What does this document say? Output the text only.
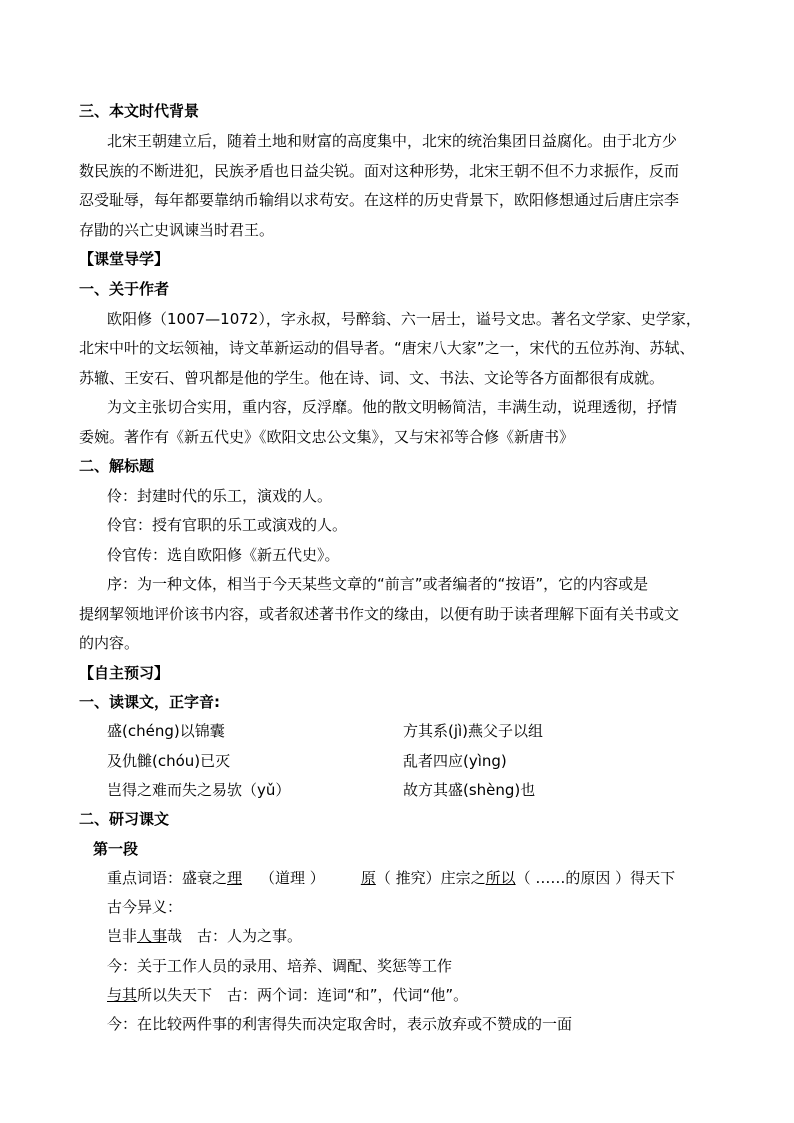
三、本文时代背景
北宋王朝建立后，随着土地和财富的高度集中，北宋的统治集团日益腐化。由于北方少
数民族的不断进犯，民族矛盾也日益尖锐。面对这种形势，北宋王朝不但不力求振作，反而
忍受耻辱，每年都要靠纳币输绢以求苟安。在这样的历史背景下，欧阳修想通过后唐庄宗李
存勖的兴亡史讽谏当时君王。
【课堂导学】
一、关于作者
欧阳修（1007—1072），字永叔，号醉翁、六一居士，谥号文忠。著名文学家、史学家，
北宋中叶的文坛领袖，诗文革新运动的倡导者。“唐宋八大家”之一，宋代的五位苏洵、苏轼、
苏辙、王安石、曾巩都是他的学生。他在诗、词、文、书法、文论等各方面都很有成就。
为文主张切合实用，重内容，反浮靡。他的散文明畅简洁，丰满生动，说理透彻，抒情
委婉。著作有《新五代史》《欧阳文忠公文集》，又与宋祁等合修《新唐书》
二、解标题
伶：封建时代的乐工，演戏的人。
伶官：授有官职的乐工或演戏的人。
伶官传：选自欧阳修《新五代史》。
序：为一种文体，相当于今天某些文章的“前言”或者编者的“按语”，它的内容或是
提纲挈领地评价该书内容，或者叙述著书作文的缘由，以便有助于读者理解下面有关书或文
的内容。
【自主预习】
一、读课文，正字音:
盛(chéng)以锦囊	方其系(jì)燕父子以组
及仇雠(chóu)已灭	乱者四应(yìng)
岂得之难而失之易欤（yǔ）	故方其盛(shèng)也
二、研习课文
第一段
重点词语：盛衰之理 （道理 ） 原（ 推究）庄宗之所以（ ……的原因 ）得天下
古今异义：
岂非人事哉　古：人为之事。
今：关于工作人员的录用、培养、调配、奖惩等工作
与其所以失天下　古：两个词：连词“和”，代词“他”。
今：在比较两件事的利害得失而决定取舍时，表示放弃或不赞成的一面
